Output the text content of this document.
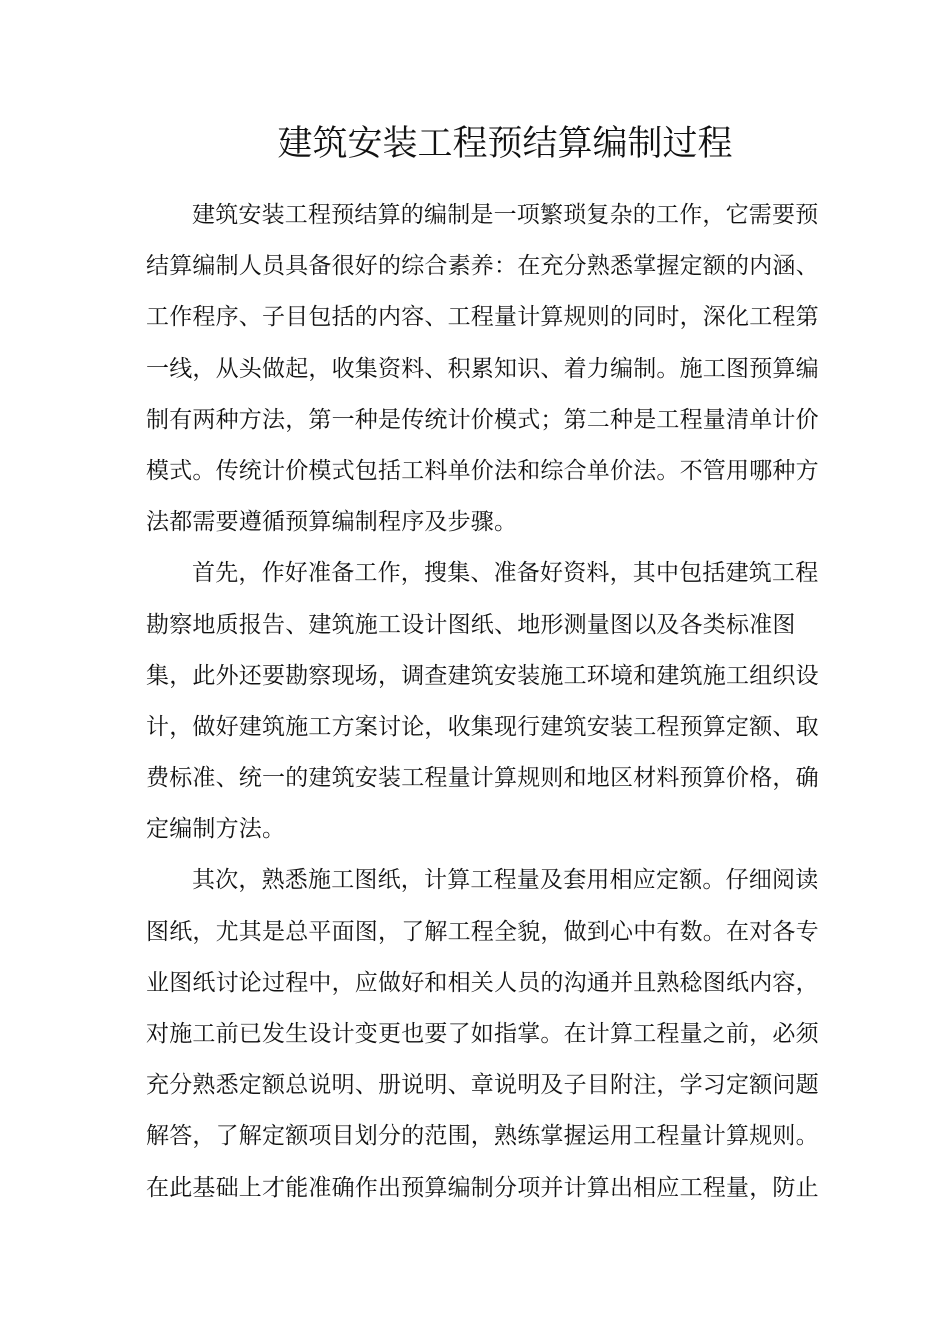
建筑安装工程预结算编制过程
建筑安装工程预结算的编制是一项繁琐复杂的工作，它需要预
结算编制人员具备很好的综合素养：在充分熟悉掌握定额的内涵、
工作程序、子目包括的内容、工程量计算规则的同时，深化工程第
一线，从头做起，收集资料、积累知识、着力编制。施工图预算编
制有两种方法，第一种是传统计价模式；第二种是工程量清单计价
模式。传统计价模式包括工料单价法和综合单价法。不管用哪种方
法都需要遵循预算编制程序及步骤。
首先，作好准备工作，搜集、准备好资料，其中包括建筑工程
勘察地质报告、建筑施工设计图纸、地形测量图以及各类标准图
集，此外还要勘察现场，调查建筑安装施工环境和建筑施工组织设
计，做好建筑施工方案讨论，收集现行建筑安装工程预算定额、取
费标准、统一的建筑安装工程量计算规则和地区材料预算价格，确
定编制方法。
其次，熟悉施工图纸，计算工程量及套用相应定额。仔细阅读
图纸，尤其是总平面图，了解工程全貌，做到心中有数。在对各专
业图纸讨论过程中，应做好和相关人员的沟通并且熟稔图纸内容，
对施工前已发生设计变更也要了如指掌。在计算工程量之前，必须
充分熟悉定额总说明、册说明、章说明及子目附注，学习定额问题
解答，了解定额项目划分的范围，熟练掌握运用工程量计算规则。
在此基础上才能准确作出预算编制分项并计算出相应工程量，防止
